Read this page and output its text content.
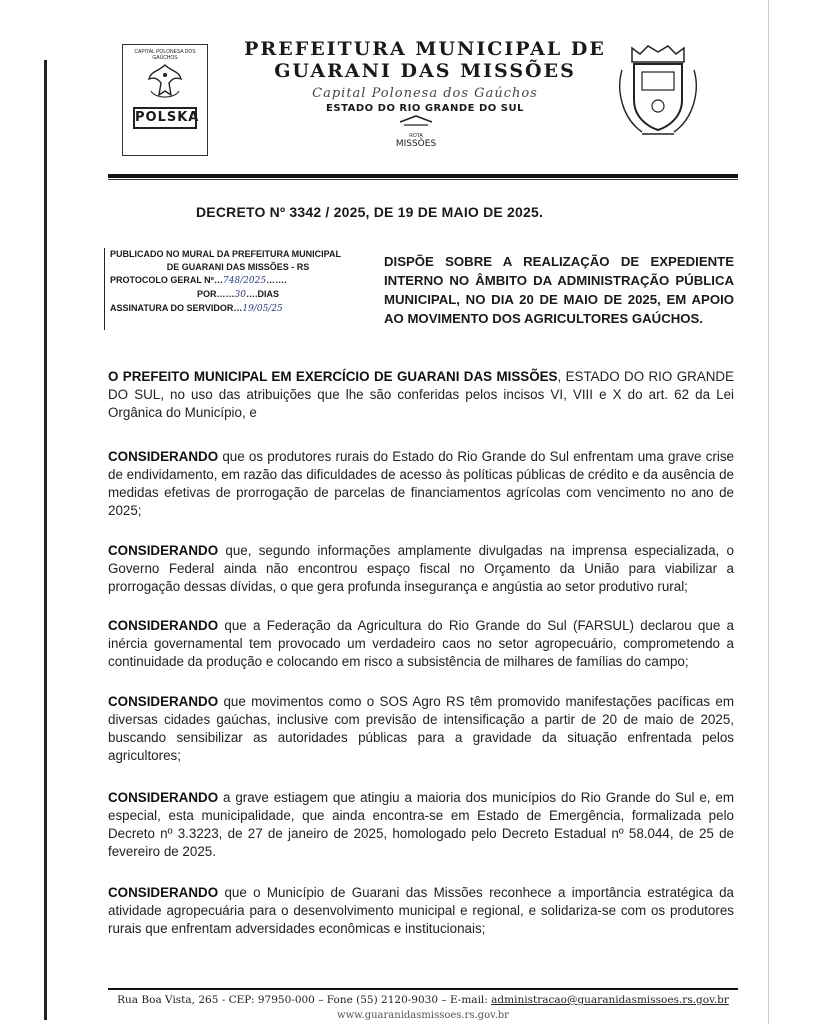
CAPITAL POLONESA DOS GAÚCHOS
POLSKA
PREFEITURA MUNICIPAL DE
GUARANI DAS MISSÕES
Capital Polonesa dos Gaúchos
ESTADO DO RIO GRANDE DO SUL
ROTA
MISSÕES
DECRETO Nº 3342 / 2025, DE 19 DE MAIO DE 2025.
PUBLICADO NO MURAL DA PREFEITURA MUNICIPAL
DE GUARANI DAS MISSÕES - RS
PROTOCOLO GERAL Nº…748/2025…….
POR……30….DIAS
ASSINATURA DO SERVIDOR…19/05/25
DISPÕE SOBRE A REALIZAÇÃO DE EXPEDIENTE INTERNO NO ÂMBITO DA ADMINISTRAÇÃO PÚBLICA MUNICIPAL, NO DIA 20 DE MAIO DE 2025, EM APOIO AO MOVIMENTO DOS AGRICULTORES GAÚCHOS.
O PREFEITO MUNICIPAL EM EXERCÍCIO DE GUARANI DAS MISSÕES, ESTADO DO RIO GRANDE DO SUL, no uso das atribuições que lhe são conferidas pelos incisos VI, VIII e X do art. 62 da Lei Orgânica do Município, e
CONSIDERANDO que os produtores rurais do Estado do Rio Grande do Sul enfrentam uma grave crise de endividamento, em razão das dificuldades de acesso às políticas públicas de crédito e da ausência de medidas efetivas de prorrogação de parcelas de financiamentos agrícolas com vencimento no ano de 2025;
CONSIDERANDO que, segundo informações amplamente divulgadas na imprensa especializada, o Governo Federal ainda não encontrou espaço fiscal no Orçamento da União para viabilizar a prorrogação dessas dívidas, o que gera profunda insegurança e angústia ao setor produtivo rural;
CONSIDERANDO que a Federação da Agricultura do Rio Grande do Sul (FARSUL) declarou que a inércia governamental tem provocado um verdadeiro caos no setor agropecuário, comprometendo a continuidade da produção e colocando em risco a subsistência de milhares de famílias do campo;
CONSIDERANDO que movimentos como o SOS Agro RS têm promovido manifestações pacíficas em diversas cidades gaúchas, inclusive com previsão de intensificação a partir de 20 de maio de 2025, buscando sensibilizar as autoridades públicas para a gravidade da situação enfrentada pelos agricultores;
CONSIDERANDO a grave estiagem que atingiu a maioria dos municípios do Rio Grande do Sul e, em especial, esta municipalidade, que ainda encontra-se em Estado de Emergência, formalizada pelo Decreto nº 3.3223, de 27 de janeiro de 2025, homologado pelo Decreto Estadual nº 58.044, de 25 de fevereiro de 2025.
CONSIDERANDO que o Município de Guarani das Missões reconhece a importância estratégica da atividade agropecuária para o desenvolvimento municipal e regional, e solidariza-se com os produtores rurais que enfrentam adversidades econômicas e institucionais;
Rua Boa Vista, 265 - CEP: 97950-000 – Fone (55) 2120-9030 – E-mail: administracao@guaranidasmissoes.rs.gov.br
www.guaranidasmissoes.rs.gov.br
